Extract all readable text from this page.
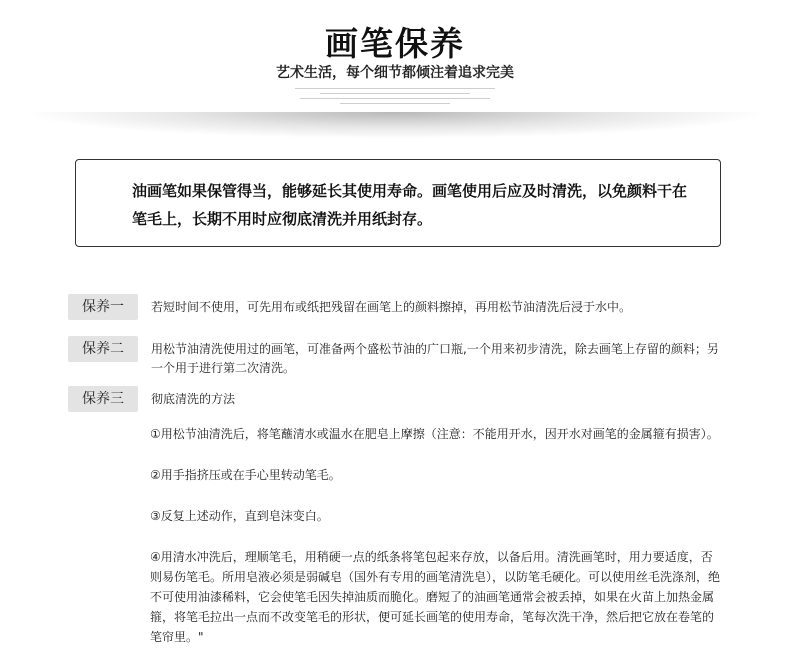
画笔保养
艺术生活，每个细节都倾注着追求完美

油画笔如果保管得当，能够延长其使用寿命。画笔使用后应及时清洗，以免颜料干在笔毛上，长期不用时应彻底清洗并用纸封存。

保养一	若短时间不使用，可先用布或纸把残留在画笔上的颜料擦掉，再用松节油清洗后浸于水中。

保养二	用松节油清洗使用过的画笔，可准备两个盛松节油的广口瓶,一个用来初步清洗，除去画笔上存留的颜料；另一个用于进行第二次清洗。

保养三	彻底清洗的方法

①用松节油清洗后，将笔蘸清水或温水在肥皂上摩擦（注意：不能用开水，因开水对画笔的金属箍有损害）。

②用手指挤压或在手心里转动笔毛。

③反复上述动作，直到皂沫变白。

④用清水冲洗后，理顺笔毛，用稍硬一点的纸条将笔包起来存放，以备后用。清洗画笔时，用力要适度，否则易伤笔毛。所用皂液必须是弱碱皂（国外有专用的画笔清洗皂），以防笔毛硬化。可以使用丝毛洗涤剂，绝不可使用油漆稀料，它会使笔毛因失掉油质而脆化。磨短了的油画笔通常会被丢掉，如果在火苗上加热金属箍，将笔毛拉出一点而不改变笔毛的形状，便可延长画笔的使用寿命，笔每次洗干净，然后把它放在卷笔的笔帘里。"
